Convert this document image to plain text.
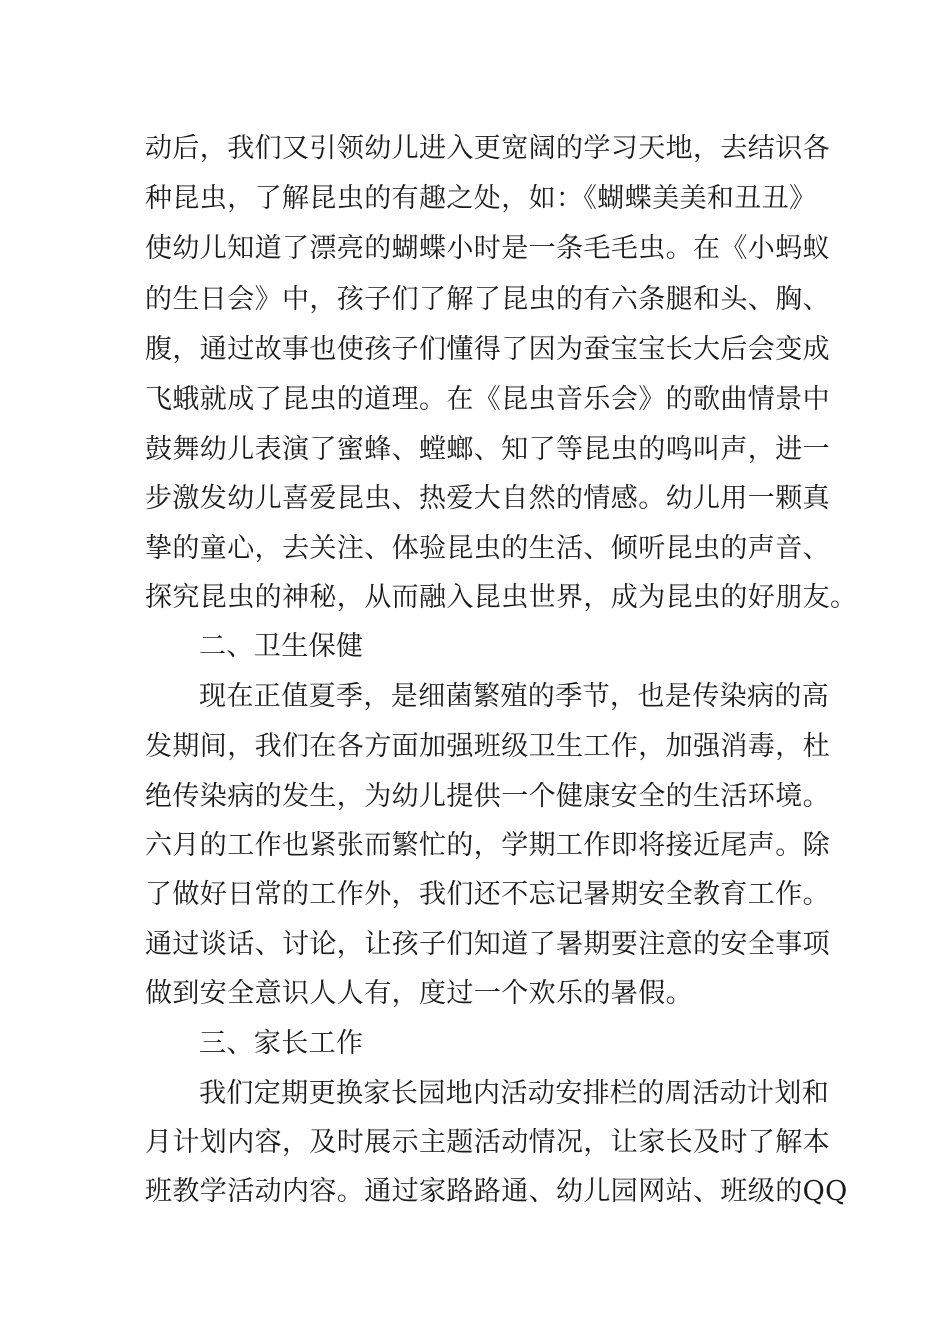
动后，我们又引领幼儿进入更宽阔的学习天地，去结识各
种昆虫，了解昆虫的有趣之处，如：《蝴蝶美美和丑丑》
使幼儿知道了漂亮的蝴蝶小时是一条毛毛虫。在《小蚂蚁
的生日会》中，孩子们了解了昆虫的有六条腿和头、胸、
腹，通过故事也使孩子们懂得了因为蚕宝宝长大后会变成
飞蛾就成了昆虫的道理。在《昆虫音乐会》的歌曲情景中
鼓舞幼儿表演了蜜蜂、螳螂、知了等昆虫的鸣叫声，进一
步激发幼儿喜爱昆虫、热爱大自然的情感。幼儿用一颗真
挚的童心，去关注、体验昆虫的生活、倾听昆虫的声音、
探究昆虫的神秘，从而融入昆虫世界，成为昆虫的好朋友。
二、卫生保健
现在正值夏季，是细菌繁殖的季节，也是传染病的高
发期间，我们在各方面加强班级卫生工作，加强消毒，杜
绝传染病的发生，为幼儿提供一个健康安全的生活环境。
六月的工作也紧张而繁忙的，学期工作即将接近尾声。除
了做好日常的工作外，我们还不忘记暑期安全教育工作。
通过谈话、讨论，让孩子们知道了暑期要注意的安全事项
做到安全意识人人有，度过一个欢乐的暑假。
三、家长工作
我们定期更换家长园地内活动安排栏的周活动计划和
月计划内容，及时展示主题活动情况，让家长及时了解本
班教学活动内容。通过家路路通、幼儿园网站、班级的QQ
